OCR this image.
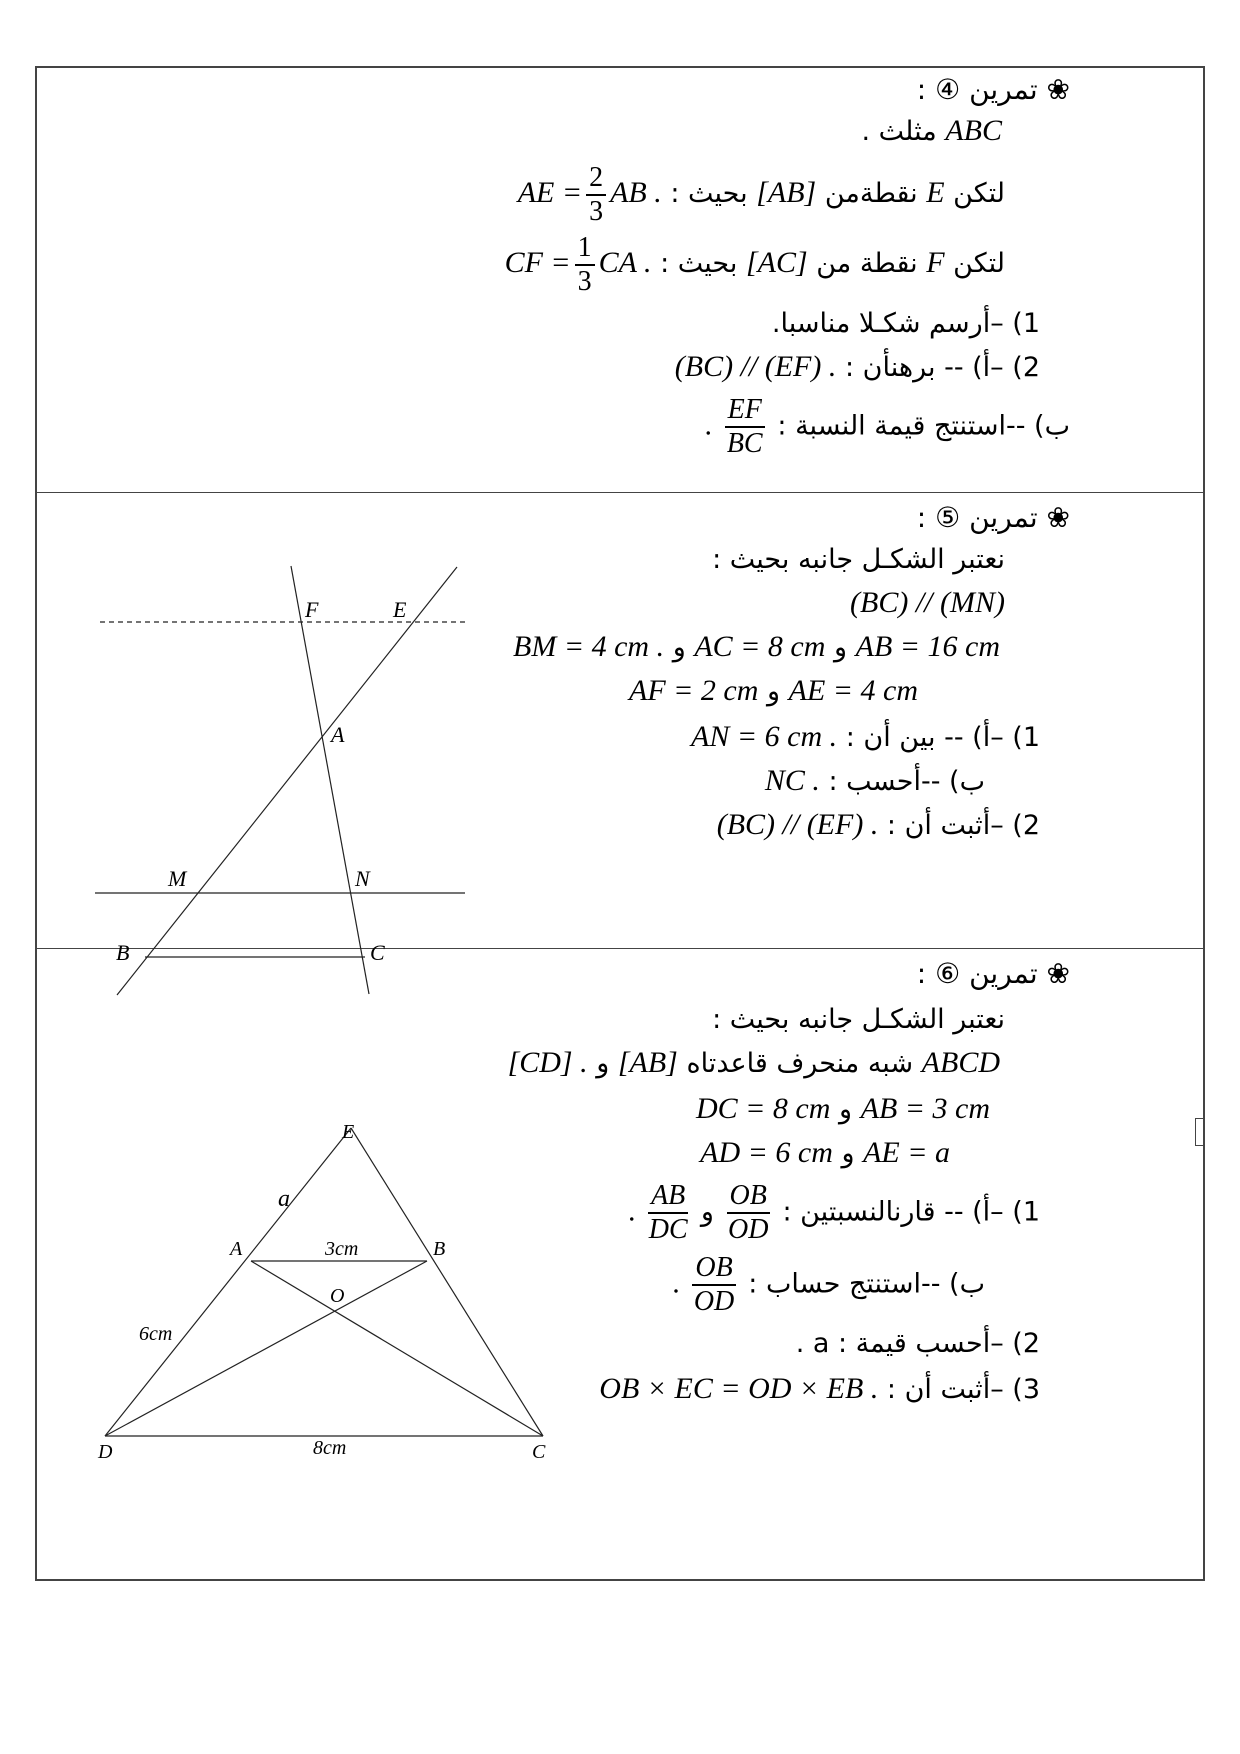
❀ تمرين ④ :
ABC مثلث .
لتكن E نقطةمن [AB] بحيث : AE = $\frac{2}{3}$ AB .
لتكن F نقطة من [AC] بحيث : CF = $\frac{1}{3}$ CA .
1) –أرسم شكـلا مناسبا.
2) –أ) -- برهنأن : (BC) // (EF) .
ب) --استنتج قيمة النسبة :
$\frac{EF}{BC}$
.
❀ تمرين ⑤ :
نعتبر الشكـل جانبه بحيث :
(BC) // (MN)
AB = 16 cm و AC = 8 cm و BM = 4 cm .
AE = 4 cm و AF = 2 cm
1) –أ) -- بين أن : AN = 6 cm .
ب) --أحسب : NC .
2) –أثبت أن : (BC) // (EF) .
F	E
A
M	N
B	C
❀ تمرين ⑥ :
نعتبر الشكـل جانبه بحيث :
ABCD شبه منحرف قاعدتاه [AB] و [CD] .
AB = 3 cm و DC = 8 cm
AE = a و AD = 6 cm
1) –أ) -- قارنالنسبتين :
$\frac{OB}{OD}$
و
$\frac{AB}{DC}$
.
ب) --استنتج حساب :
$\frac{OB}{OD}$
.
2) –أحسب قيمة : a .
3) –أثبت أن : OB × EC = OD × EB .
E
a
A	3cm	B
O
6cm
D	8cm	C
